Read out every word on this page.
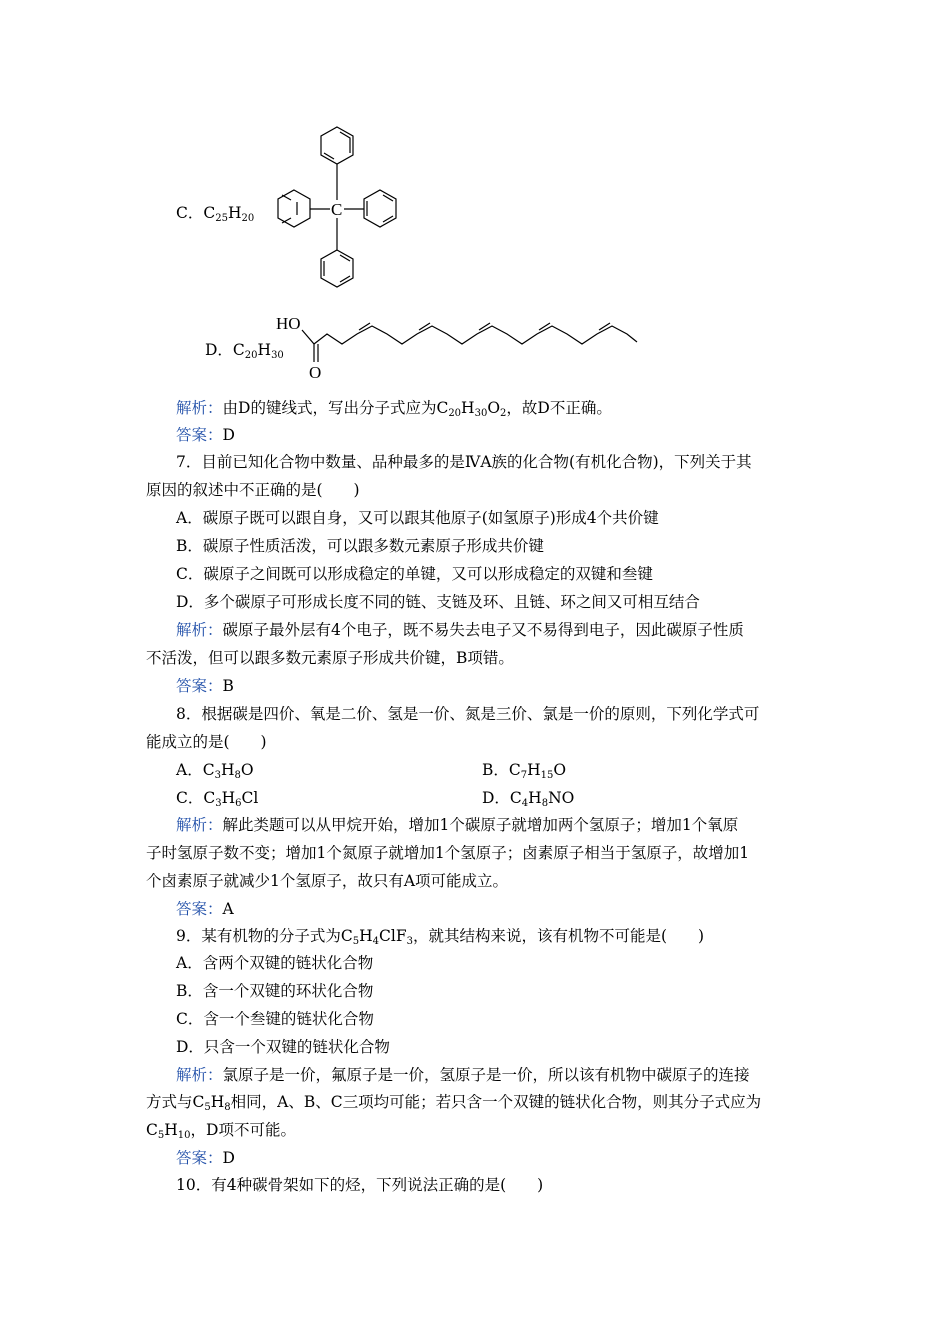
C．$C_{25}H_{20}$	C
D．$C_{20}H_{30}$
HO
O
解析：由D的键线式，写出分子式应为$C_{20}H_{30}O_2$，故D不正确。
答案：D
7．目前已知化合物中数量、品种最多的是ⅣA族的化合物(有机化合物)，下列关于其
原因的叙述中不正确的是(　　)
A．碳原子既可以跟自身，又可以跟其他原子(如氢原子)形成4个共价键
B．碳原子性质活泼，可以跟多数元素原子形成共价键
C．碳原子之间既可以形成稳定的单键，又可以形成稳定的双键和叁键
D．多个碳原子可形成长度不同的链、支链及环、且链、环之间又可相互结合
解析：碳原子最外层有4个电子，既不易失去电子又不易得到电子，因此碳原子性质
不活泼，但可以跟多数元素原子形成共价键，B项错。
答案：B
8．根据碳是四价、氧是二价、氢是一价、氮是三价、氯是一价的原则，下列化学式可
能成立的是(　　)
A．$C_3H_8O$	B．$C_7H_{15}O$
C．$C_3H_6Cl$	D．$C_4H_8NO$
解析：解此类题可以从甲烷开始，增加1个碳原子就增加两个氢原子；增加1个氧原
子时氢原子数不变；增加1个氮原子就增加1个氢原子；卤素原子相当于氢原子，故增加1
个卤素原子就减少1个氢原子，故只有A项可能成立。
答案：A
9．某有机物的分子式为$C_5H_4ClF_3$，就其结构来说，该有机物不可能是(　　)
A．含两个双键的链状化合物
B．含一个双键的环状化合物
C．含一个叁键的链状化合物
D．只含一个双键的链状化合物
解析：氯原子是一价，氟原子是一价，氢原子是一价，所以该有机物中碳原子的连接
方式与$C_5H_8$相同，A、B、C三项均可能；若只含一个双键的链状化合物，则其分子式应为
$C_5H_{10}$，D项不可能。
答案：D
10．有4种碳骨架如下的烃，下列说法正确的是(　　)
